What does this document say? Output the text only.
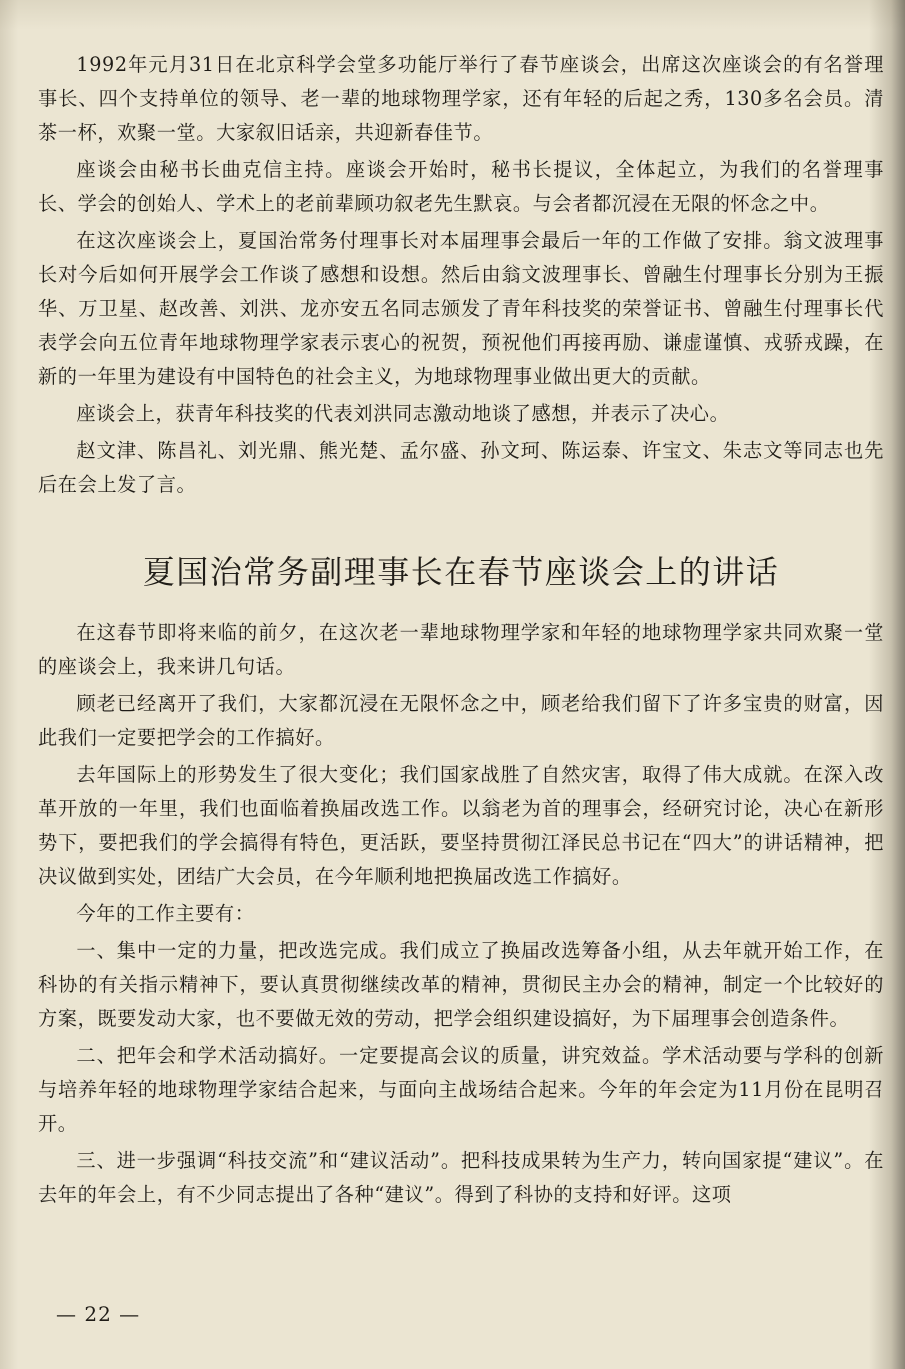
1992年元月31日在北京科学会堂多功能厅举行了春节座谈会，出席这次座谈会的有名誉理事长、四个支持单位的领导、老一辈的地球物理学家，还有年轻的后起之秀，130多名会员。清茶一杯，欢聚一堂。大家叙旧话亲，共迎新春佳节。

座谈会由秘书长曲克信主持。座谈会开始时，秘书长提议，全体起立，为我们的名誉理事长、学会的创始人、学术上的老前辈顾功叙老先生默哀。与会者都沉浸在无限的怀念之中。

在这次座谈会上，夏国治常务付理事长对本届理事会最后一年的工作做了安排。翁文波理事长对今后如何开展学会工作谈了感想和设想。然后由翁文波理事长、曾融生付理事长分别为王振华、万卫星、赵改善、刘洪、龙亦安五名同志颁发了青年科技奖的荣誉证书、曾融生付理事长代表学会向五位青年地球物理学家表示衷心的祝贺，预祝他们再接再励、谦虚谨慎、戎骄戎躁，在新的一年里为建设有中国特色的社会主义，为地球物理事业做出更大的贡献。

座谈会上，获青年科技奖的代表刘洪同志激动地谈了感想，并表示了决心。

赵文津、陈昌礼、刘光鼎、熊光楚、孟尔盛、孙文珂、陈运泰、许宝文、朱志文等同志也先后在会上发了言。

夏国治常务副理事长在春节座谈会上的讲话

在这春节即将来临的前夕，在这次老一辈地球物理学家和年轻的地球物理学家共同欢聚一堂的座谈会上，我来讲几句话。

顾老已经离开了我们，大家都沉浸在无限怀念之中，顾老给我们留下了许多宝贵的财富，因此我们一定要把学会的工作搞好。

去年国际上的形势发生了很大变化；我们国家战胜了自然灾害，取得了伟大成就。在深入改革开放的一年里，我们也面临着换届改选工作。以翁老为首的理事会，经研究讨论，决心在新形势下，要把我们的学会搞得有特色，更活跃，要坚持贯彻江泽民总书记在“四大”的讲话精神，把决议做到实处，团结广大会员，在今年顺利地把换届改选工作搞好。

今年的工作主要有：

一、集中一定的力量，把改选完成。我们成立了换届改选筹备小组，从去年就开始工作，在科协的有关指示精神下，要认真贯彻继续改革的精神，贯彻民主办会的精神，制定一个比较好的方案，既要发动大家，也不要做无效的劳动，把学会组织建设搞好，为下届理事会创造条件。

二、把年会和学术活动搞好。一定要提高会议的质量，讲究效益。学术活动要与学科的创新与培养年轻的地球物理学家结合起来，与面向主战场结合起来。今年的年会定为11月份在昆明召开。

三、进一步强调“科技交流”和“建议活动”。把科技成果转为生产力，转向国家提“建议”。在去年的年会上，有不少同志提出了各种“建议”。得到了科协的支持和好评。这项

— 22 —
